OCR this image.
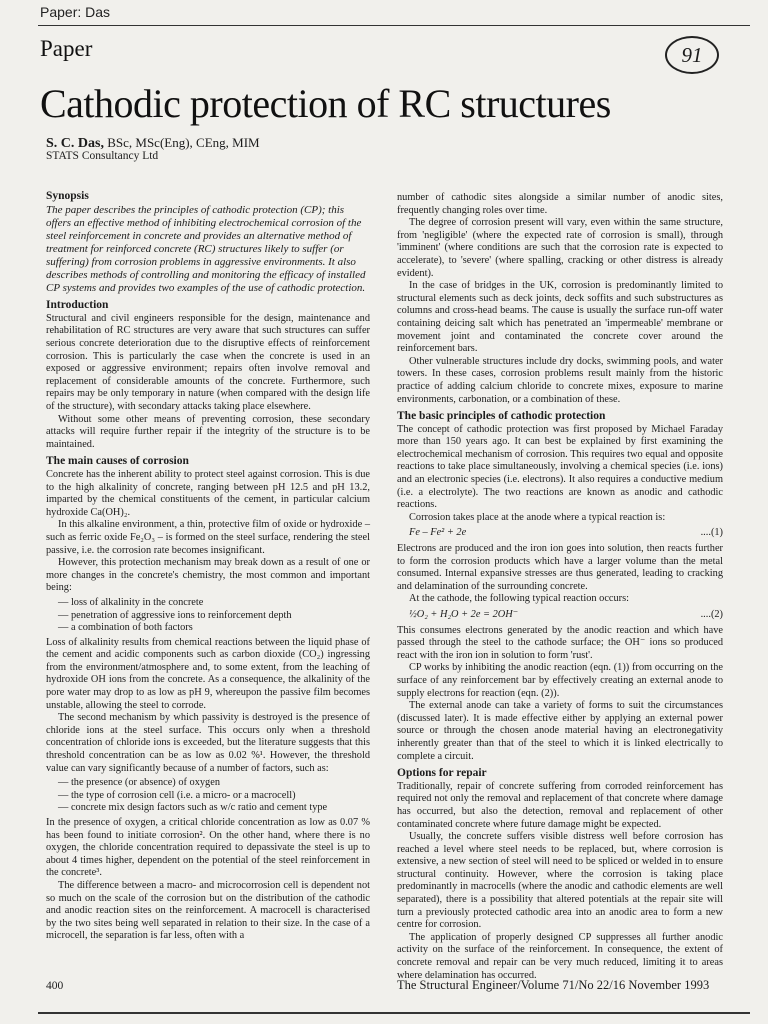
Paper: Das
Paper	91
Cathodic protection of RC structures
S. C. Das, BSc, MSc(Eng), CEng, MIM
STATS Consultancy Ltd
Synopsis
The paper describes the principles of cathodic protection (CP); this offers an effective method of inhibiting electrochemical corrosion of the steel reinforcement in concrete and provides an alternative method of treatment for reinforced concrete (RC) structures likely to suffer (or suffering) from corrosion problems in aggressive environments. It also describes methods of controlling and monitoring the efficacy of installed CP systems and provides two examples of the use of cathodic protection.
Introduction

Structural and civil engineers responsible for the design, maintenance and rehabilitation of RC structures are very aware that such structures can suffer serious concrete deterioration due to the disruptive effects of reinforcement corrosion. This is particularly the case when the concrete is used in an exposed or aggressive environment; repairs often involve removal and replacement of considerable amounts of the concrete. Furthermore, such repairs may be only temporary in nature (when compared with the design life of the structure), with secondary attacks taking place elsewhere.

Without some other means of preventing corrosion, these secondary attacks will require further repair if the integrity of the structure is to be maintained.

The main causes of corrosion

Concrete has the inherent ability to protect steel against corrosion. This is due to the high alkalinity of concrete, ranging between pH 12.5 and pH 13.2, imparted by the chemical constituents of the cement, in particular calcium hydroxide Ca(OH)₂.

In this alkaline environment, a thin, protective film of oxide or hydroxide – such as ferric oxide Fe₂O₃ – is formed on the steel surface, rendering the steel passive, i.e. the corrosion rate becomes insignificant.

However, this protection mechanism may break down as a result of one or more changes in the concrete's chemistry, the most common and important being:

— loss of alkalinity in the concrete
— penetration of aggressive ions to reinforcement depth
— a combination of both factors

Loss of alkalinity results from chemical reactions between the liquid phase of the cement and acidic components such as carbon dioxide (CO₂) ingressing from the environment/atmosphere and, to some extent, from the leaching of hydroxide OH ions from the concrete. As a consequence, the alkalinity of the pore water may drop to as low as pH 9, whereupon the passive film becomes unstable, allowing the steel to corrode.

The second mechanism by which passivity is destroyed is the presence of chloride ions at the steel surface. This occurs only when a threshold concentration of chloride ions is exceeded, but the literature suggests that this threshold concentration can be as low as 0.02 %¹. However, the threshold value can vary significantly because of a number of factors, such as:

— the presence (or absence) of oxygen
— the type of corrosion cell (i.e. a micro- or a macrocell)
— concrete mix design factors such as w/c ratio and cement type

In the presence of oxygen, a critical chloride concentration as low as 0.07 % has been found to initiate corrosion². On the other hand, where there is no oxygen, the chloride concentration required to depassivate the steel is up to about 4 times higher, dependent on the potential of the steel reinforcement in the concrete³.

The difference between a macro- and microcorrosion cell is dependent not so much on the scale of the corrosion but on the distribution of the cathodic and anodic reaction sites on the reinforcement. A macrocell is characterised by the two sites being well separated in relation to their size. In the case of a microcell, the separation is far less, often with a

number of cathodic sites alongside a similar number of anodic sites, frequently changing roles over time.

The degree of corrosion present will vary, even within the same structure, from 'negligible' (where the expected rate of corrosion is small), through 'imminent' (where conditions are such that the corrosion rate is expected to accelerate), to 'severe' (where spalling, cracking or other distress is already evident).

In the case of bridges in the UK, corrosion is predominantly limited to structural elements such as deck joints, deck soffits and such substructures as columns and cross-head beams. The cause is usually the surface run-off water containing deicing salt which has penetrated an 'impermeable' membrane or movement joint and contaminated the concrete cover around the reinforcement bars.

Other vulnerable structures include dry docks, swimming pools, and water towers. In these cases, corrosion problems result mainly from the historic practice of adding calcium chloride to concrete mixes, exposure to marine environments, carbonation, or a combination of these.

The basic principles of cathodic protection

The concept of cathodic protection was first proposed by Michael Faraday more than 150 years ago. It can best be explained by first examining the electrochemical mechanism of corrosion. This requires two equal and opposite reactions to take place simultaneously, involving a chemical species (i.e. ions) and an electronic species (i.e. electrons). It also requires a conductive medium (i.e. a electrolyte). The two reactions are known as anodic and cathodic reactions.

Corrosion takes place at the anode where a typical reaction is:

Fe – Fe² + 2e	....(1)

Electrons are produced and the iron ion goes into solution, then reacts further to form the corrosion products which have a larger volume than the metal consumed. Internal expansive stresses are thus generated, leading to cracking and delamination of the surrounding concrete.

At the cathode, the following typical reaction occurs:

½O₂ + H₂O + 2e = 2OH⁻	....(2)

This consumes electrons generated by the anodic reaction and which have passed through the steel to the cathode surface; the OH⁻ ions so produced react with the iron ion in solution to form 'rust'.

CP works by inhibiting the anodic reaction (eqn. (1)) from occurring on the surface of any reinforcement bar by effectively creating an external anode to supply electrons for reaction (eqn. (2)).

The external anode can take a variety of forms to suit the circumstances (discussed later). It is made effective either by applying an external power source or through the chosen anode material having an electronegativity inherently greater than that of the steel to which it is linked electrically to complete a circuit.

Options for repair

Traditionally, repair of concrete suffering from corroded reinforcement has required not only the removal and replacement of that concrete where damage has occurred, but also the detection, removal and replacement of other contaminated concrete where future damage might be expected.

Usually, the concrete suffers visible distress well before corrosion has reached a level where steel needs to be replaced, but, where corrosion is extensive, a new section of steel will need to be spliced or welded in to ensure structural continuity. However, where the corrosion is taking place predominantly in macrocells (where the anodic and cathodic elements are well separated), there is a possibility that altered potentials at the repair site will turn a previously protected cathodic area into an anodic area to form a new centre for corrosion.

The application of properly designed CP suppresses all further anodic activity on the surface of the reinforcement. In consequence, the extent of concrete removal and repair can be very much reduced, limiting it to areas where delamination has occurred.

400	The Structural Engineer/Volume 71/No 22/16 November 1993
